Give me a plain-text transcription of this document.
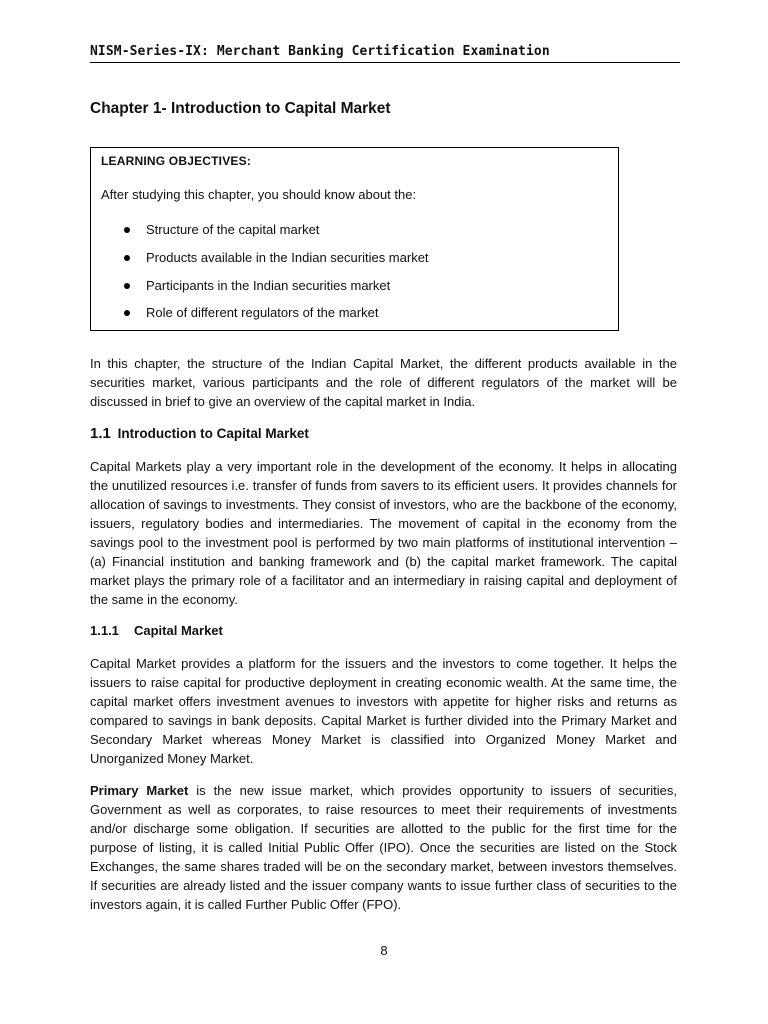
NISM-Series-IX: Merchant Banking Certification Examination
Chapter 1- Introduction to Capital Market
LEARNING OBJECTIVES:
After studying this chapter, you should know about the:
Structure of the capital market
Products available in the Indian securities market
Participants in the Indian securities market
Role of different regulators of the market

In this chapter, the structure of the Indian Capital Market, the different products available in the securities market, various participants and the role of different regulators of the market will be discussed in brief to give an overview of the capital market in India.

1.1 Introduction to Capital Market

Capital Markets play a very important role in the development of the economy. It helps in allocating the unutilized resources i.e. transfer of funds from savers to its efficient users. It provides channels for allocation of savings to investments. They consist of investors, who are the backbone of the economy, issuers, regulatory bodies and intermediaries. The movement of capital in the economy from the savings pool to the investment pool is performed by two main platforms of institutional intervention – (a) Financial institution and banking framework and (b) the capital market framework. The capital market plays the primary role of a facilitator and an intermediary in raising capital and deployment of the same in the economy.

1.1.1 Capital Market

Capital Market provides a platform for the issuers and the investors to come together. It helps the issuers to raise capital for productive deployment in creating economic wealth. At the same time, the capital market offers investment avenues to investors with appetite for higher risks and returns as compared to savings in bank deposits. Capital Market is further divided into the Primary Market and Secondary Market whereas Money Market is classified into Organized Money Market and Unorganized Money Market.

Primary Market is the new issue market, which provides opportunity to issuers of securities, Government as well as corporates, to raise resources to meet their requirements of investments and/or discharge some obligation. If securities are allotted to the public for the first time for the purpose of listing, it is called Initial Public Offer (IPO). Once the securities are listed on the Stock Exchanges, the same shares traded will be on the secondary market, between investors themselves. If securities are already listed and the issuer company wants to issue further class of securities to the investors again, it is called Further Public Offer (FPO).

8
